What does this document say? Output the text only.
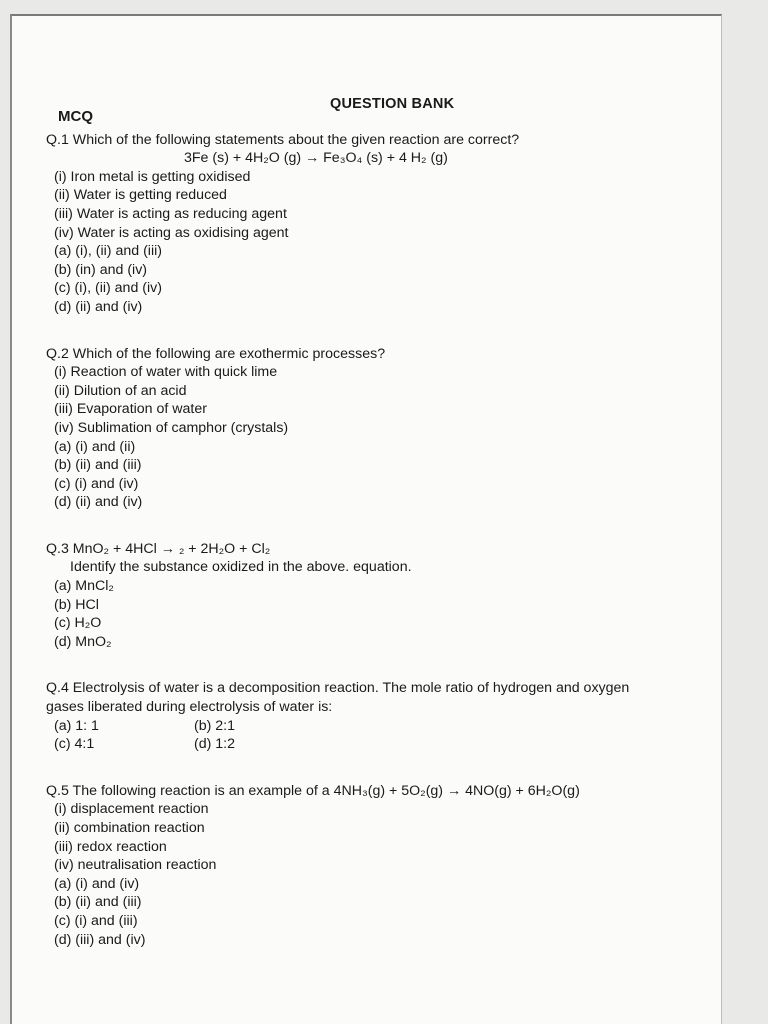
QUESTION BANK
MCQ
Q.1 Which of the following statements about the given reaction are correct?
3Fe (s) + 4H₂O (g) → Fe₃O₄ (s) + 4 H₂ (g)
(i) Iron metal is getting oxidised
(ii) Water is getting reduced
(iii) Water is acting as reducing agent
(iv) Water is acting as oxidising agent
(a) (i), (ii) and (iii)
(b) (in) and (iv)
(c) (i), (ii) and (iv)
(d) (ii) and (iv)
Q.2 Which of the following are exothermic processes?
(i) Reaction of water with quick lime
(ii) Dilution of an acid
(iii) Evaporation of water
(iv) Sublimation of camphor (crystals)
(a) (i) and (ii)
(b) (ii) and (iii)
(c) (i) and (iv)
(d) (ii) and (iv)
Q.3 MnO₂ + 4HCl → ₂ + 2H₂O + Cl₂
Identify the substance oxidized in the above. equation.
(a) MnCl₂
(b) HCl
(c) H₂O
(d) MnO₂
Q.4 Electrolysis of water is a decomposition reaction. The mole ratio of hydrogen and oxygen
gases liberated during electrolysis of water is:
(a) 1: 1	(b) 2:1
(c) 4:1	(d) 1:2
Q.5 The following reaction is an example of a 4NH₃(g) + 5O₂(g) → 4NO(g) + 6H₂O(g)
(i) displacement reaction
(ii) combination reaction
(iii) redox reaction
(iv) neutralisation reaction
(a) (i) and (iv)
(b) (ii) and (iii)
(c) (i) and (iii)
(d) (iii) and (iv)
